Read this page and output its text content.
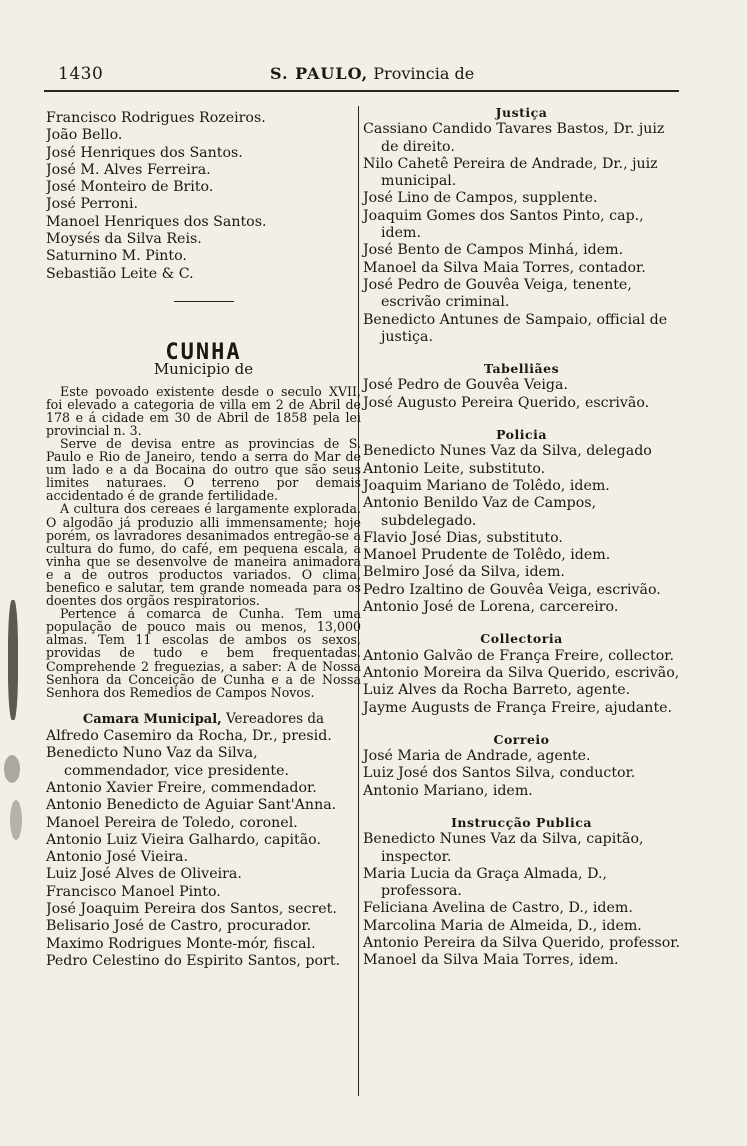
1430	S. PAULO, Provincia de
Francisco Rodrigues Rozeiros.
João Bello.
José Henriques dos Santos.
José M. Alves Ferreira.
José Monteiro de Brito.
José Perroni.
Manoel Henriques dos Santos.
Moysés da Silva Reis.
Saturnino M. Pinto.
Sebastião Leite & C.
CUNHA
Municipio de

Este povoado existente desde o seculo XVII, foi elevado a categoria de villa em 2 de Abril de 178 e á cidade em 30 de Abril de 1858 pela lei provincial n. 3.

Serve de devisa entre as provincias de S. Paulo e Rio de Janeiro, tendo a serra do Mar de um lado e a da Bocaina do outro que são seus limites naturaes. O terreno por demais accidentado é de grande fertilidade.

A cultura dos cereaes é largamente explorada. O algodão já produzio alli immensamente; hoje porém, os lavradores desanimados entregão-se a cultura do fumo, do café, em pequena escala, a vinha que se desenvolve de maneira animadora e a de outros productos variados. O clima, benefico e salutar, tem grande nomeada para os doentes dos orgãos respiratorios.

Pertence á comarca de Cunha. Tem uma população de pouco mais ou menos, 13,000 almas. Tem 11 escolas de ambos os sexos, providas de tudo e bem frequentadas. Comprehende 2 freguezias, a saber: A de Nossa Senhora da Conceição de Cunha e a de Nossa Senhora dos Remedios de Campos Novos.

Camara Municipal, Vereadores da
Alfredo Casemiro da Rocha, Dr., presid.
Benedicto Nuno Vaz da Silva, commendador, vice presidente.
Antonio Xavier Freire, commendador.
Antonio Benedicto de Aguiar Sant'Anna.
Manoel Pereira de Toledo, coronel.
Antonio Luiz Vieira Galhardo, capitão.
Antonio José Vieira.
Luiz José Alves de Oliveira.
Francisco Manoel Pinto.
José Joaquim Pereira dos Santos, secret.
Belisario José de Castro, procurador.
Maximo Rodrigues Monte-mór, fiscal.
Pedro Celestino do Espirito Santos, port.
Justiça
Cassiano Candido Tavares Bastos, Dr. juiz de direito.
Nilo Cahetê Pereira de Andrade, Dr., juiz municipal.
José Lino de Campos, supplente.
Joaquim Gomes dos Santos Pinto, cap., idem.
José Bento de Campos Minhá, idem.
Manoel da Silva Maia Torres, contador.
José Pedro de Gouvêa Veiga, tenente, escrivão criminal.
Benedicto Antunes de Sampaio, official de justiça.
Tabelliães
José Pedro de Gouvêa Veiga.
José Augusto Pereira Querido, escrivão.
Policia
Benedicto Nunes Vaz da Silva, delegado
Antonio Leite, substituto.
Joaquim Mariano de Tolêdo, idem.
Antonio Benildo Vaz de Campos, subdelegado.
Flavio José Dias, substituto.
Manoel Prudente de Tolêdo, idem.
Belmiro José da Silva, idem.
Pedro Izaltino de Gouvêa Veiga, escrivão.
Antonio José de Lorena, carcereiro.
Collectoria
Antonio Galvão de França Freire, collector.
Antonio Moreira da Silva Querido, escrivão,
Luiz Alves da Rocha Barreto, agente.
Jayme Augusts de França Freire, ajudante.
Correio
José Maria de Andrade, agente.
Luiz José dos Santos Silva, conductor.
Antonio Mariano, idem.
Instrucção Publica
Benedicto Nunes Vaz da Silva, capitão, inspector.
Maria Lucia da Graça Almada, D., professora.
Feliciana Avelina de Castro, D., idem.
Marcolina Maria de Almeida, D., idem.
Antonio Pereira da Silva Querido, professor.
Manoel da Silva Maia Torres, idem.
